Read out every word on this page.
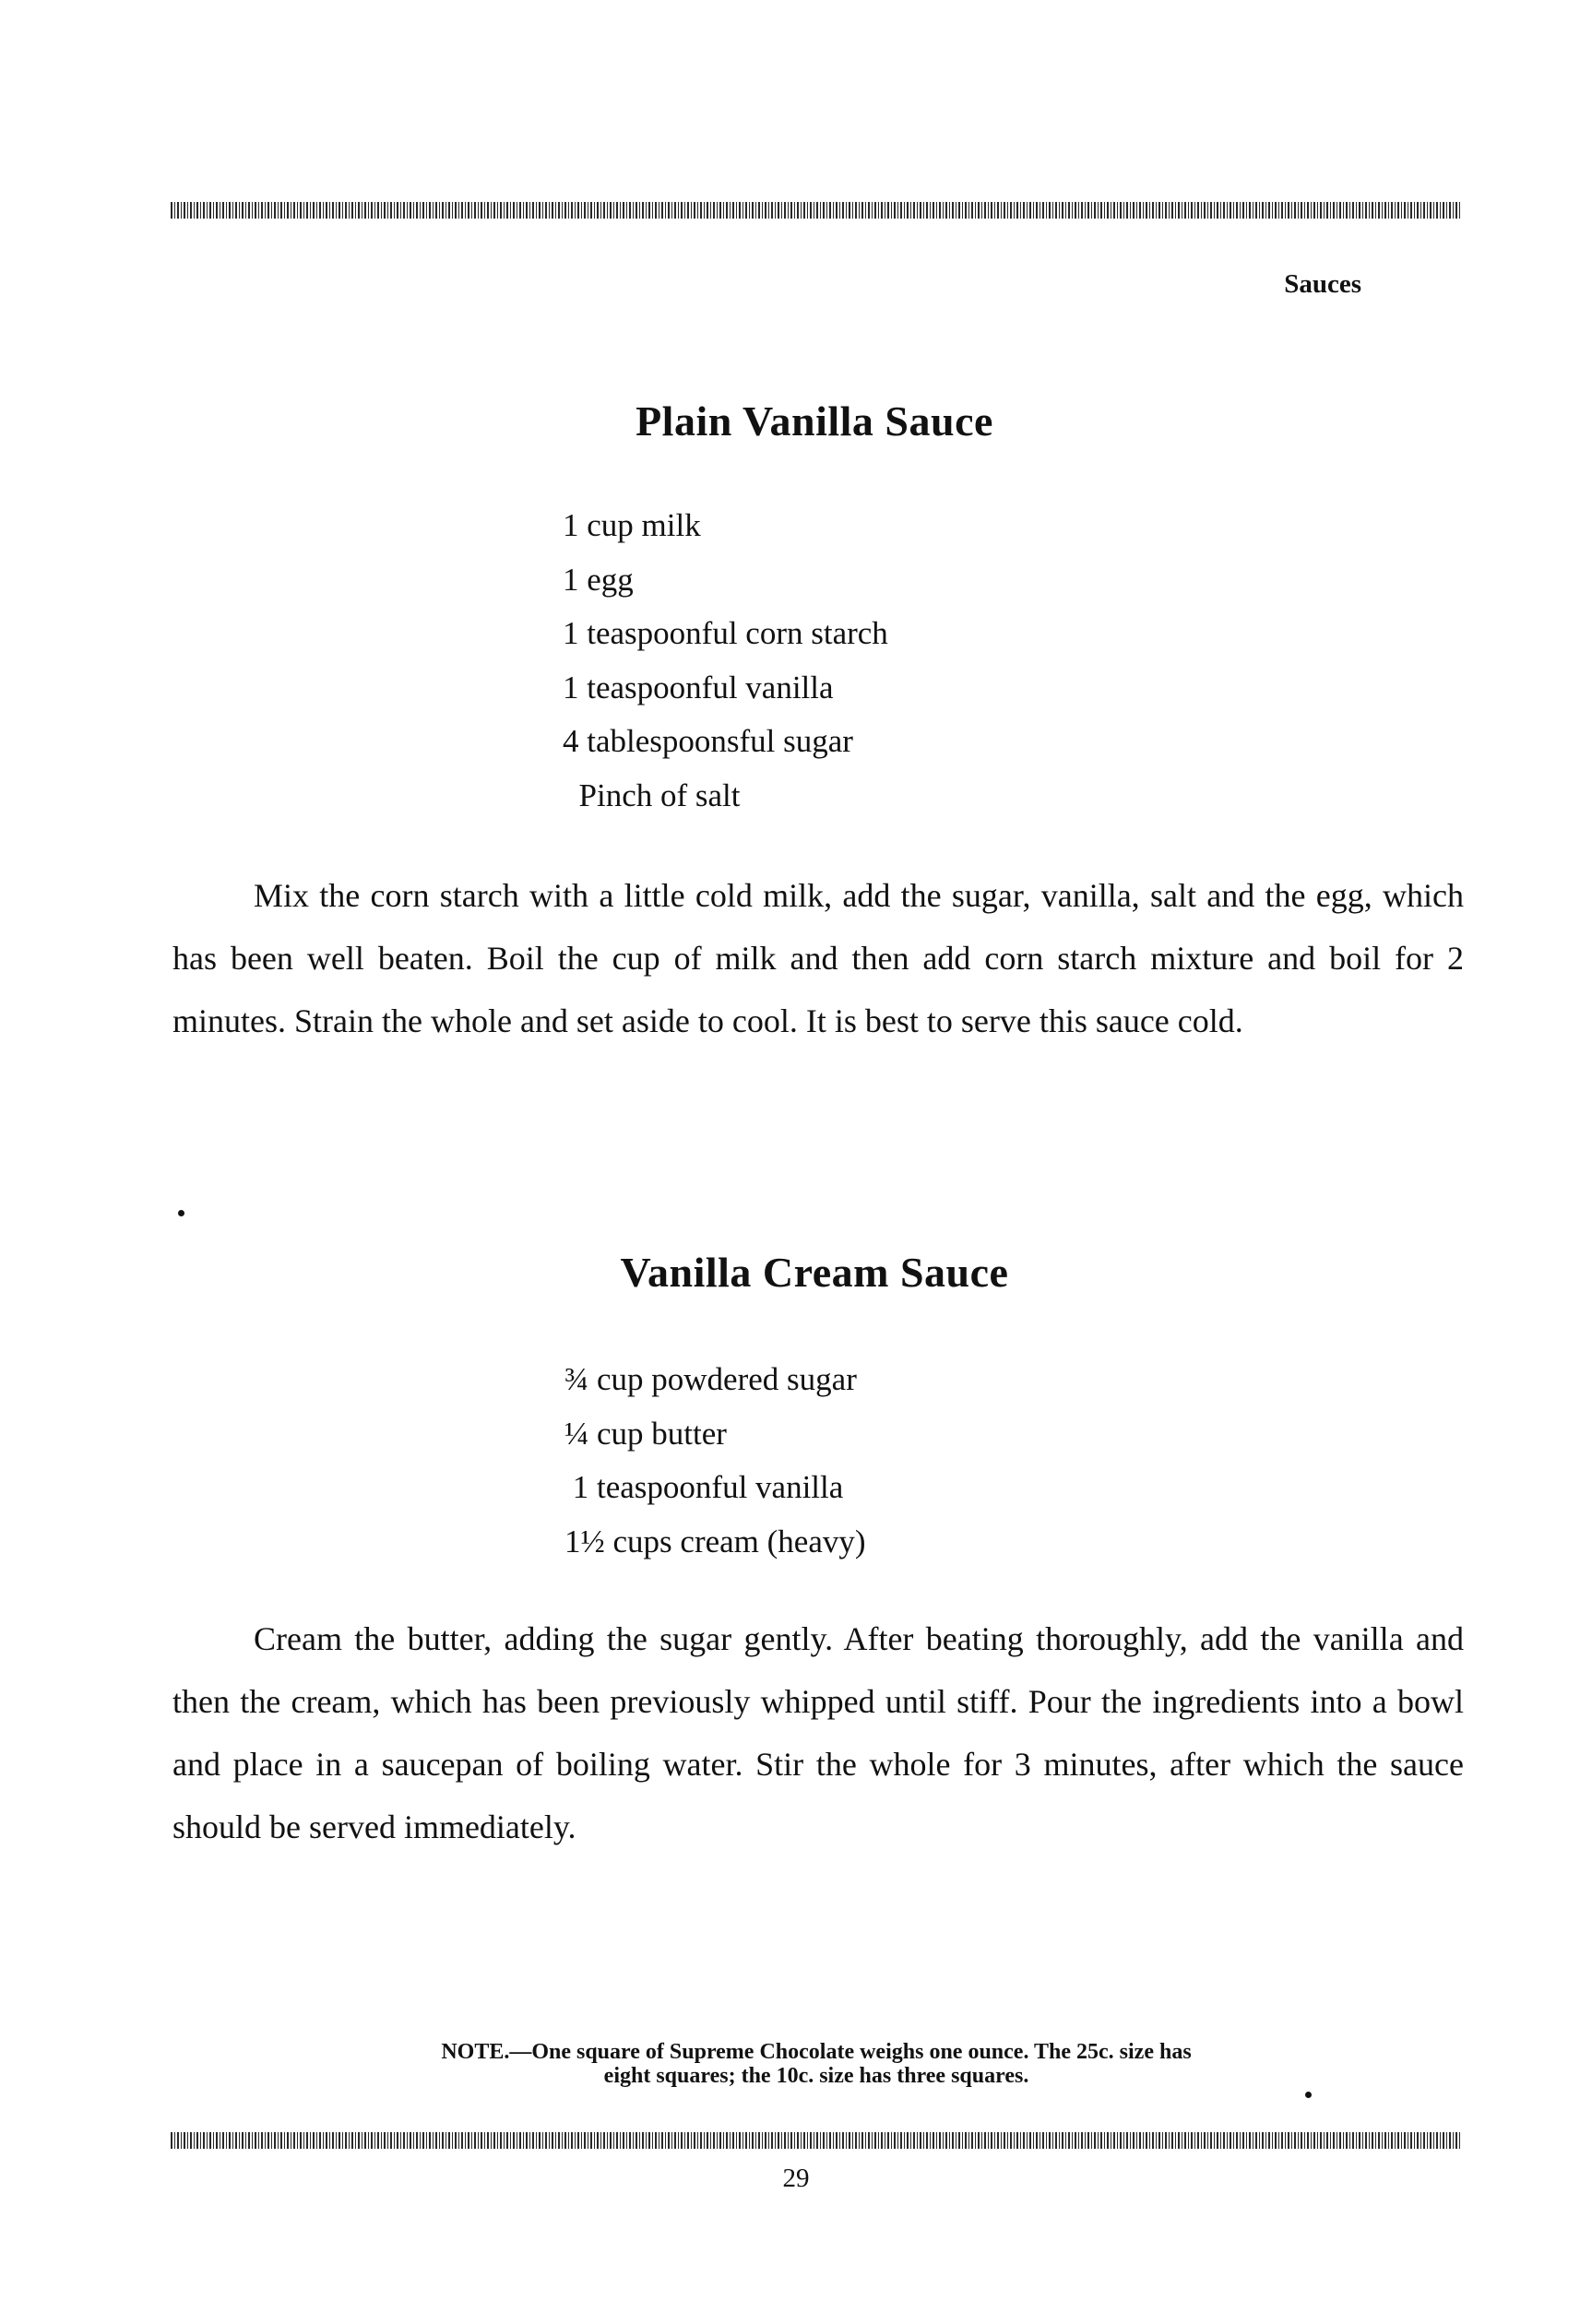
Sauces
Plain Vanilla Sauce
1 cup milk
1 egg
1 teaspoonful corn starch
1 teaspoonful vanilla
4 tablespoonsful sugar
Pinch of salt

Mix the corn starch with a little cold milk, add the sugar, vanilla, salt and the egg, which has been well beaten. Boil the cup of milk and then add corn starch mixture and boil for 2 minutes. Strain the whole and set aside to cool. It is best to serve this sauce cold.

Vanilla Cream Sauce
¾ cup powdered sugar
¼ cup butter
1 teaspoonful vanilla
1½ cups cream (heavy)

Cream the butter, adding the sugar gently. After beating thoroughly, add the vanilla and then the cream, which has been previously whipped until stiff. Pour the ingredients into a bowl and place in a saucepan of boiling water. Stir the whole for 3 minutes, after which the sauce should be served immediately.

NOTE.—One square of Supreme Chocolate weighs one ounce. The 25c. size has
eight squares; the 10c. size has three squares.
29
